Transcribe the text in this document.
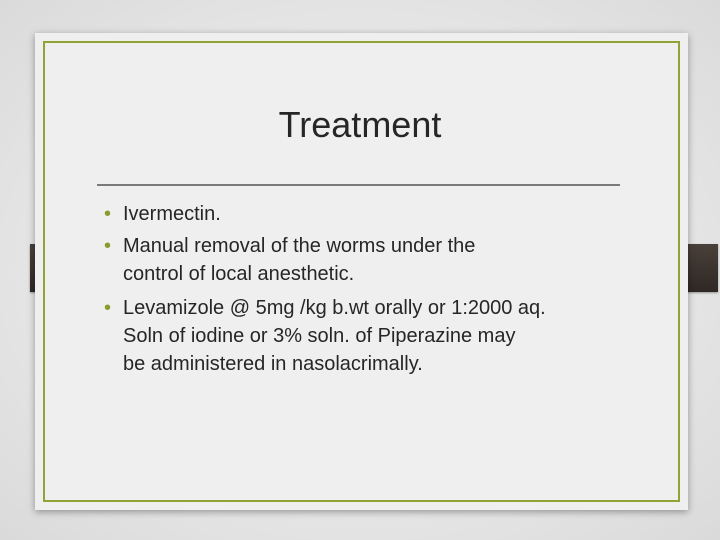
Treatment
• Ivermectin.
• Manual removal of the worms under the
control of local anesthetic.
• Levamizole @ 5mg /kg b.wt orally or 1:2000 aq.
Soln of iodine or 3% soln. of Piperazine may
be administered in nasolacrimally.
